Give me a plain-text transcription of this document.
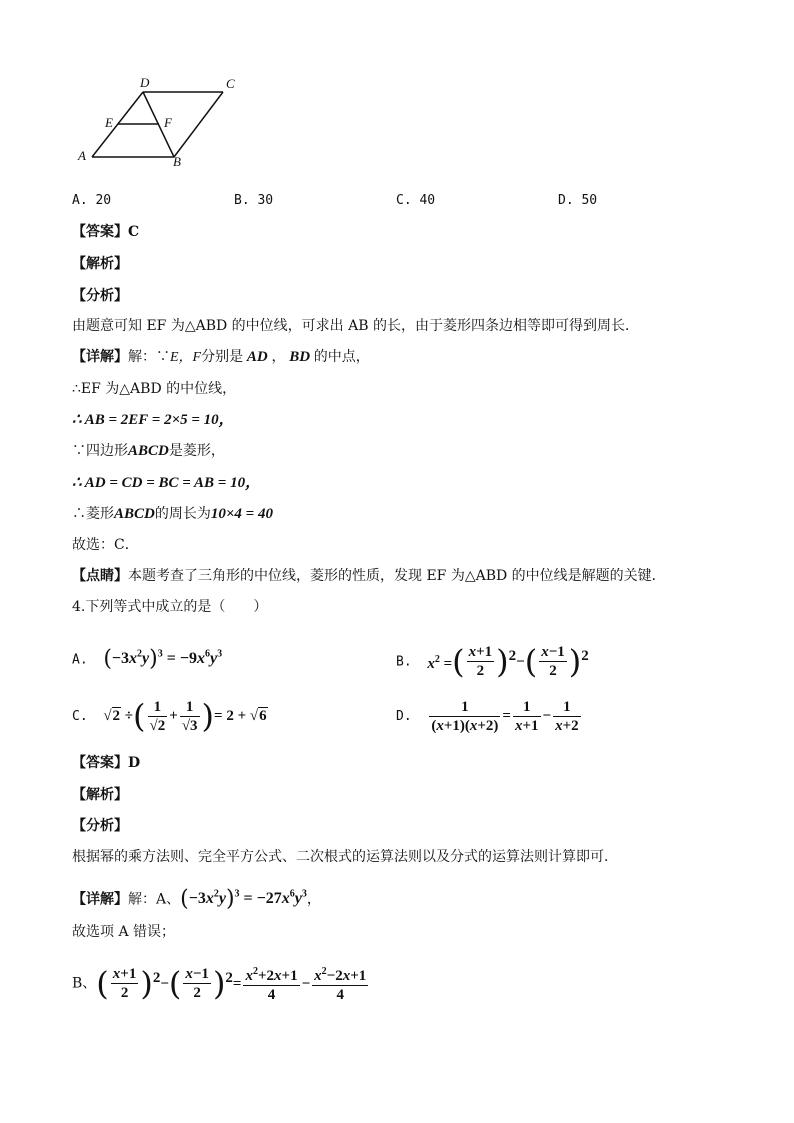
A	B
C
D
E	F
A. 20	B. 30	C. 40	D. 50
【答案】C
【解析】
【分析】
由题意可知 EF 为△ABD 的中位线，可求出 AB 的长，由于菱形四条边相等即可得到周长．
【详解】解：∵E，F分别是 AD ， BD 的中点，
∴EF 为△ABD 的中位线，
∴ AB = 2EF = 2×5 = 10，
∵四边形ABCD是菱形，
∴ AD = CD = BC = AB = 10，
∴菱形ABCD的周长为10×4 = 40
故选：C．
【点睛】本题考查了三角形的中位线，菱形的性质，发现 EF 为△ABD 的中位线是解题的关键．
4.下列等式中成立的是（　　）
A.  $(-3x^2y)^3 = -9x^6y^3$
B.  $x^2$ =( $\frac{x+1}{2} )^2-( \frac{x-1}{2} )^2$
C.  √2 ÷( $\frac{1}{√2} + \frac{1}{√3}$ )= 2 + √6	D. $\frac{1}{(x+1)(x+2)} = \frac{1}{x+1} - \frac{1}{x+2}$
【答案】D
【解析】
【分析】
根据幂的乘方法则、完全平方公式、二次根式的运算法则以及分式的运算法则计算即可．
【详解】解：A、$(-3x^2y)^3 = -27x^6y^3$，
故选项 A 错误；
B、( $\frac{x+1}{2} )^2-( \frac{x-1}{2} )^2= \frac{x^2+2x+1}{4} - \frac{x^2-2x+1}{4}$
